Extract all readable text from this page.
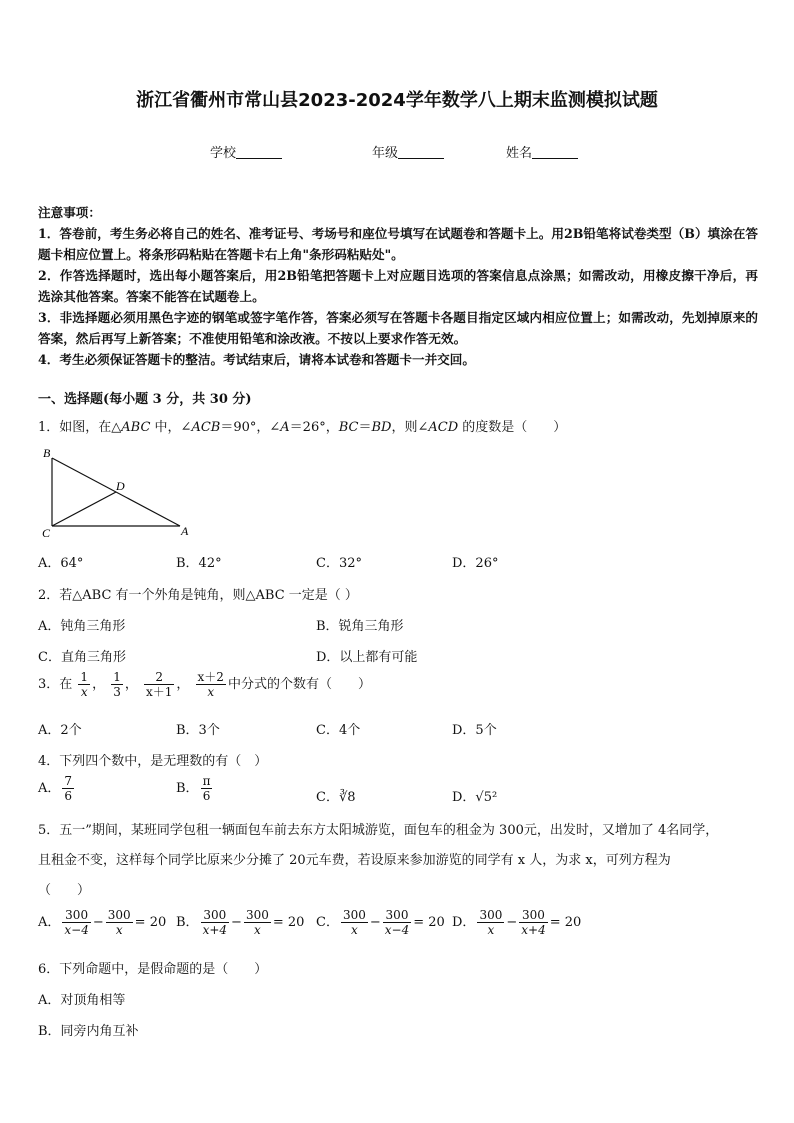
浙江省衢州市常山县2023-2024学年数学八上期末监测模拟试题
学校	年级	姓名

注意事项：

1．答卷前，考生务必将自己的姓名、准考证号、考场号和座位号填写在试题卷和答题卡上。用2B铅笔将试卷类型（B）填涂在答题卡相应位置上。将条形码粘贴在答题卡右上角"条形码粘贴处"。

2．作答选择题时，选出每小题答案后，用2B铅笔把答题卡上对应题目选项的答案信息点涂黑；如需改动，用橡皮擦干净后，再选涂其他答案。答案不能答在试题卷上。

3．非选择题必须用黑色字迹的钢笔或签字笔作答，答案必须写在答题卡各题目指定区域内相应位置上；如需改动，先划掉原来的答案，然后再写上新答案；不准使用铅笔和涂改液。不按以上要求作答无效。

4．考生必须保证答题卡的整洁。考试结束后，请将本试卷和答题卡一并交回。

一、选择题(每小题 3 分，共 30 分)
1．如图，在△ABC 中，∠ACB＝90°，∠A＝26°，BC＝BD，则∠ACD 的度数是（　　）
B
D
C	A
A．64°	B．42°	C．32°	D．26°
2．若△ABC 有一个外角是钝角，则△ABC 一定是（ ）
A．钝角三角形	B．锐角三角形
C．直角三角形	D．以上都有可能
3．在 $\frac{1}{x}$ ， $\frac{1}{3}$ ， $\frac{2}{x+1}$ ， $\frac{x+2}{x}$ 中分式的个数有（　　）
A．2个	B．3个	C．4个	D．5个
4．下列四个数中，是无理数的有（　）
A． $\frac{7}{6}$	B． $\frac{\pi}{6}$	C．∛8	D．√5²
5．五一”期间，某班同学包租一辆面包车前去东方太阳城游览，面包车的租金为 300元，出发时，又增加了 4名同学，
且租金不变，这样每个同学比原来少分摊了 20元车费，若设原来参加游览的同学有 x 人，为求 x，可列方程为
（　　）
A． $\frac{300}{x-4} - \frac{300}{x} = 20$ B． $\frac{300}{x+4} - \frac{300}{x} = 20$ C． $\frac{300}{x} - \frac{300}{x-4} = 20$ D． $\frac{300}{x} - \frac{300}{x+4} = 20$
6．下列命题中，是假命题的是（　　）
A．对顶角相等
B．同旁内角互补
